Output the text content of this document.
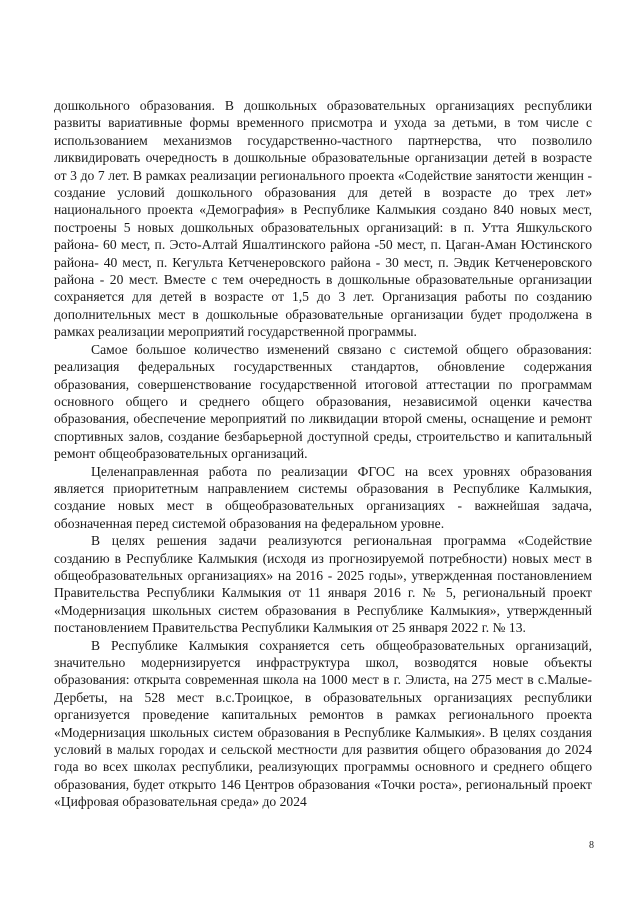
дошкольного образования. В дошкольных образовательных организациях республики развиты вариативные формы временного присмотра и ухода за детьми, в том числе с использованием механизмов государственно-частного партнерства, что позволило ликвидировать очередность в дошкольные образовательные организации детей в возрасте от 3 до 7 лет. В рамках реализации регионального проекта «Содействие занятости женщин - создание условий дошкольного образования для детей в возрасте до трех лет» национального проекта «Демография» в Республике Калмыкия создано 840 новых мест, построены 5 новых дошкольных образовательных организаций: в п. Утта Яшкульского района- 60 мест, п. Эсто-Алтай Яшалтинского района -50 мест, п. Цаган-Аман Юстинского района- 40 мест, п. Кегульта Кетченеровского района - 30 мест, п. Эвдик Кетченеровского района - 20 мест. Вместе с тем очередность в дошкольные образовательные организации сохраняется для детей в возрасте от 1,5 до 3 лет. Организация работы по созданию дополнительных мест в дошкольные образовательные организации будет продолжена в рамках реализации мероприятий государственной программы.

Самое большое количество изменений связано с системой общего образования: реализация федеральных государственных стандартов, обновление содержания образования, совершенствование государственной итоговой аттестации по программам основного общего и среднего общего образования, независимой оценки качества образования, обеспечение мероприятий по ликвидации второй смены, оснащение и ремонт спортивных залов, создание безбарьерной доступной среды, строительство и капитальный ремонт общеобразовательных организаций.

Целенаправленная работа по реализации ФГОС на всех уровнях образования является приоритетным направлением системы образования в Республике Калмыкия, создание новых мест в общеобразовательных организациях - важнейшая задача, обозначенная перед системой образования на федеральном уровне.

В целях решения задачи реализуются региональная программа «Содействие созданию в Республике Калмыкия (исходя из прогнозируемой потребности) новых мест в общеобразовательных организациях» на 2016 - 2025 годы», утвержденная постановлением Правительства Республики Калмыкия от 11 января 2016 г. № 5, региональный проект «Модернизация школьных систем образования в Республике Калмыкия», утвержденный постановлением Правительства Республики Калмыкия от 25 января 2022 г. № 13.

В Республике Калмыкия сохраняется сеть общеобразовательных организаций, значительно модернизируется инфраструктура школ, возводятся новые объекты образования: открыта современная школа на 1000 мест в г. Элиста, на 275 мест в с.Малые-Дербеты, на 528 мест в.с.Троицкое, в образовательных организациях республики организуется проведение капитальных ремонтов в рамках регионального проекта «Модернизация школьных систем образования в Республике Калмыкия». В целях создания условий в малых городах и сельской местности для развития общего образования до 2024 года во всех школах республики, реализующих программы основного и среднего общего образования, будет открыто 146 Центров образования «Точки роста», региональный проект «Цифровая образовательная среда» до 2024

8
